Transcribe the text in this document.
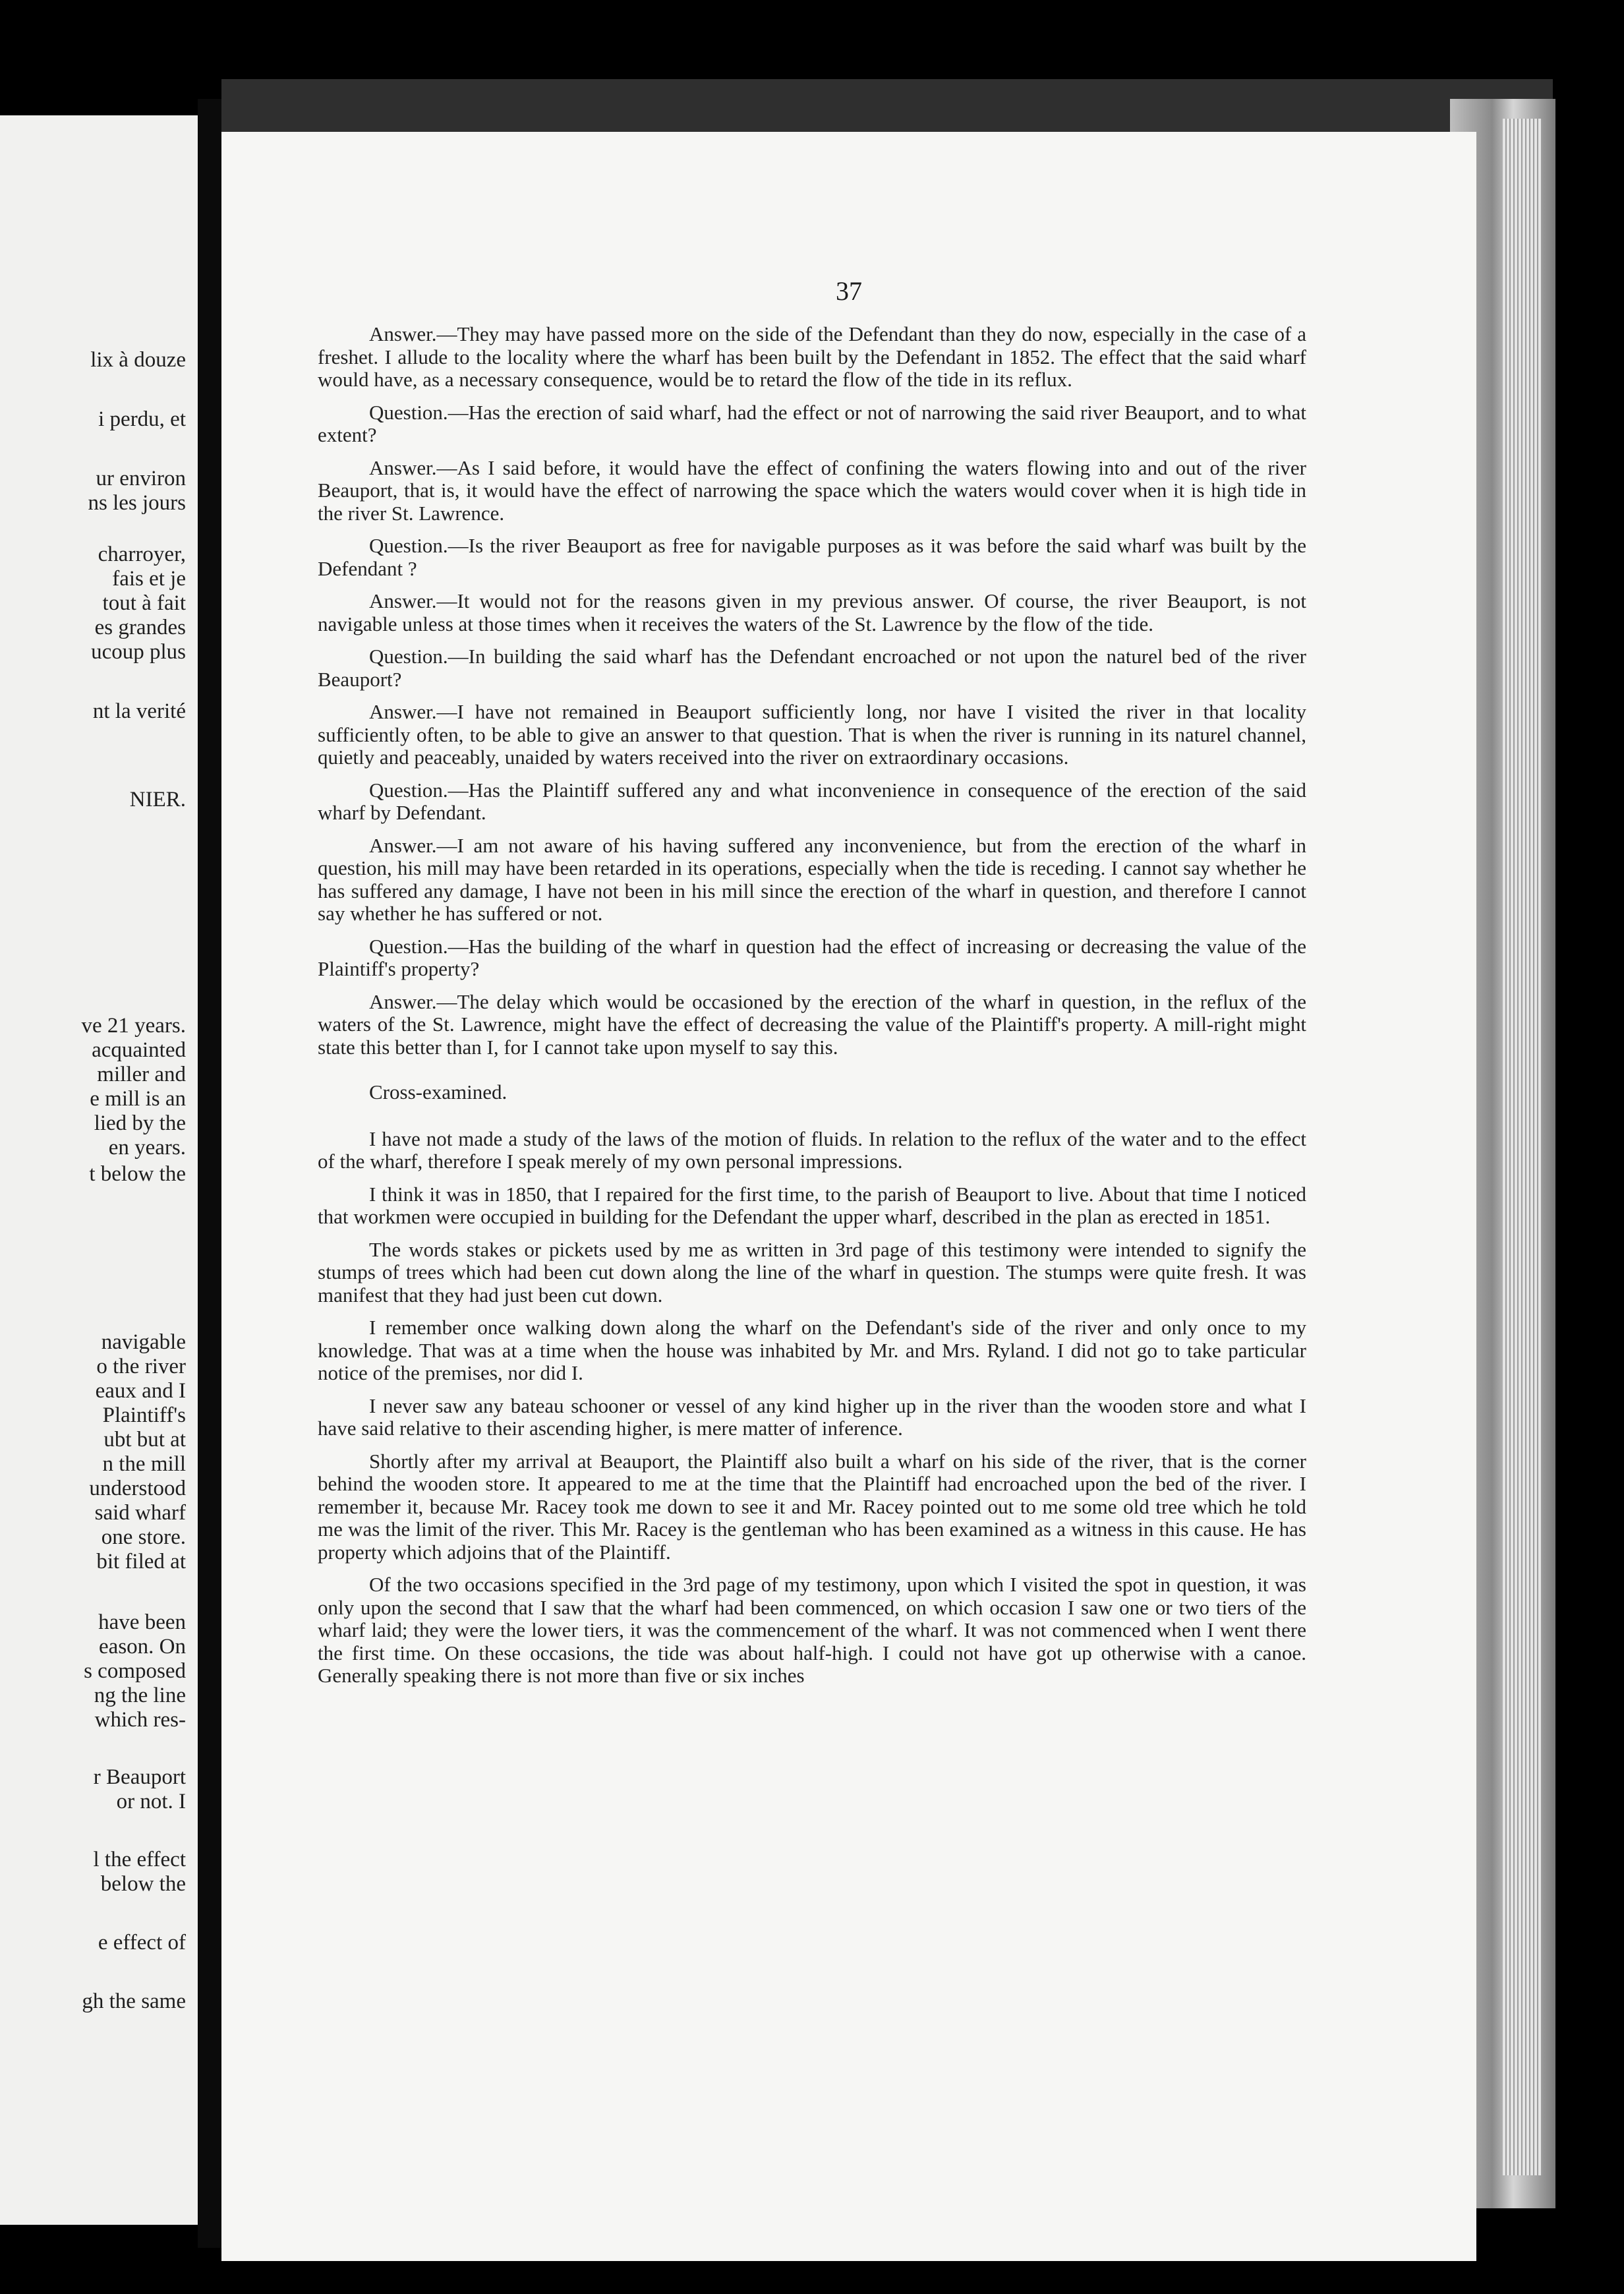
lix à douze
i perdu, et
ur environ
ns les jours
charroyer,
fais et je
tout à fait
es grandes
ucoup plus
nt la verité
NIER.
ve 21 years.
acquainted
miller and
e mill is an
lied by the
en years.
t below the
navigable
o the river
eaux and I
Plaintiff's
ubt but at
n the mill
understood
said wharf
one store.
bit filed at
have been
eason. On
s composed
ng the line
which res-
r Beauport
or not. I
l the effect
below the
e effect of
gh the same
37

Answer.—They may have passed more on the side of the Defendant than they do now, especially in the case of a freshet. I allude to the locality where the wharf has been built by the Defendant in 1852. The effect that the said wharf would have, as a necessary consequence, would be to retard the flow of the tide in its reflux.

Question.—Has the erection of said wharf, had the effect or not of narrowing the said river Beauport, and to what extent?

Answer.—As I said before, it would have the effect of confining the waters flowing into and out of the river Beauport, that is, it would have the effect of narrowing the space which the waters would cover when it is high tide in the river St. Lawrence.

Question.—Is the river Beauport as free for navigable purposes as it was before the said wharf was built by the Defendant ?

Answer.—It would not for the reasons given in my previous answer. Of course, the river Beauport, is not navigable unless at those times when it receives the waters of the St. Lawrence by the flow of the tide.

Question.—In building the said wharf has the Defendant encroached or not upon the naturel bed of the river Beauport?

Answer.—I have not remained in Beauport sufficiently long, nor have I visited the river in that locality sufficiently often, to be able to give an answer to that question. That is when the river is running in its naturel channel, quietly and peaceably, unaided by waters received into the river on extraordinary occasions.

Question.—Has the Plaintiff suffered any and what inconvenience in consequence of the erection of the said wharf by Defendant.

Answer.—I am not aware of his having suffered any inconvenience, but from the erection of the wharf in question, his mill may have been retarded in its operations, especially when the tide is receding. I cannot say whether he has suffered any damage, I have not been in his mill since the erection of the wharf in question, and therefore I cannot say whether he has suffered or not.

Question.—Has the building of the wharf in question had the effect of increasing or decreasing the value of the Plaintiff's property?

Answer.—The delay which would be occasioned by the erection of the wharf in question, in the reflux of the waters of the St. Lawrence, might have the effect of decreasing the value of the Plaintiff's property. A mill-right might state this better than I, for I cannot take upon myself to say this.

Cross-examined.

I have not made a study of the laws of the motion of fluids. In relation to the reflux of the water and to the effect of the wharf, therefore I speak merely of my own personal impressions.

I think it was in 1850, that I repaired for the first time, to the parish of Beauport to live. About that time I noticed that workmen were occupied in building for the Defendant the upper wharf, described in the plan as erected in 1851.

The words stakes or pickets used by me as written in 3rd page of this testimony were intended to signify the stumps of trees which had been cut down along the line of the wharf in question. The stumps were quite fresh. It was manifest that they had just been cut down.

I remember once walking down along the wharf on the Defendant's side of the river and only once to my knowledge. That was at a time when the house was inhabited by Mr. and Mrs. Ryland. I did not go to take particular notice of the premises, nor did I.

I never saw any bateau schooner or vessel of any kind higher up in the river than the wooden store and what I have said relative to their ascending higher, is mere matter of inference.

Shortly after my arrival at Beauport, the Plaintiff also built a wharf on his side of the river, that is the corner behind the wooden store. It appeared to me at the time that the Plaintiff had encroached upon the bed of the river. I remember it, because Mr. Racey took me down to see it and Mr. Racey pointed out to me some old tree which he told me was the limit of the river. This Mr. Racey is the gentleman who has been examined as a witness in this cause. He has property which adjoins that of the Plaintiff.

Of the two occasions specified in the 3rd page of my testimony, upon which I visited the spot in question, it was only upon the second that I saw that the wharf had been commenced, on which occasion I saw one or two tiers of the wharf laid; they were the lower tiers, it was the commencement of the wharf. It was not commenced when I went there the first time. On these occasions, the tide was about half-high. I could not have got up otherwise with a canoe. Generally speaking there is not more than five or six inches
